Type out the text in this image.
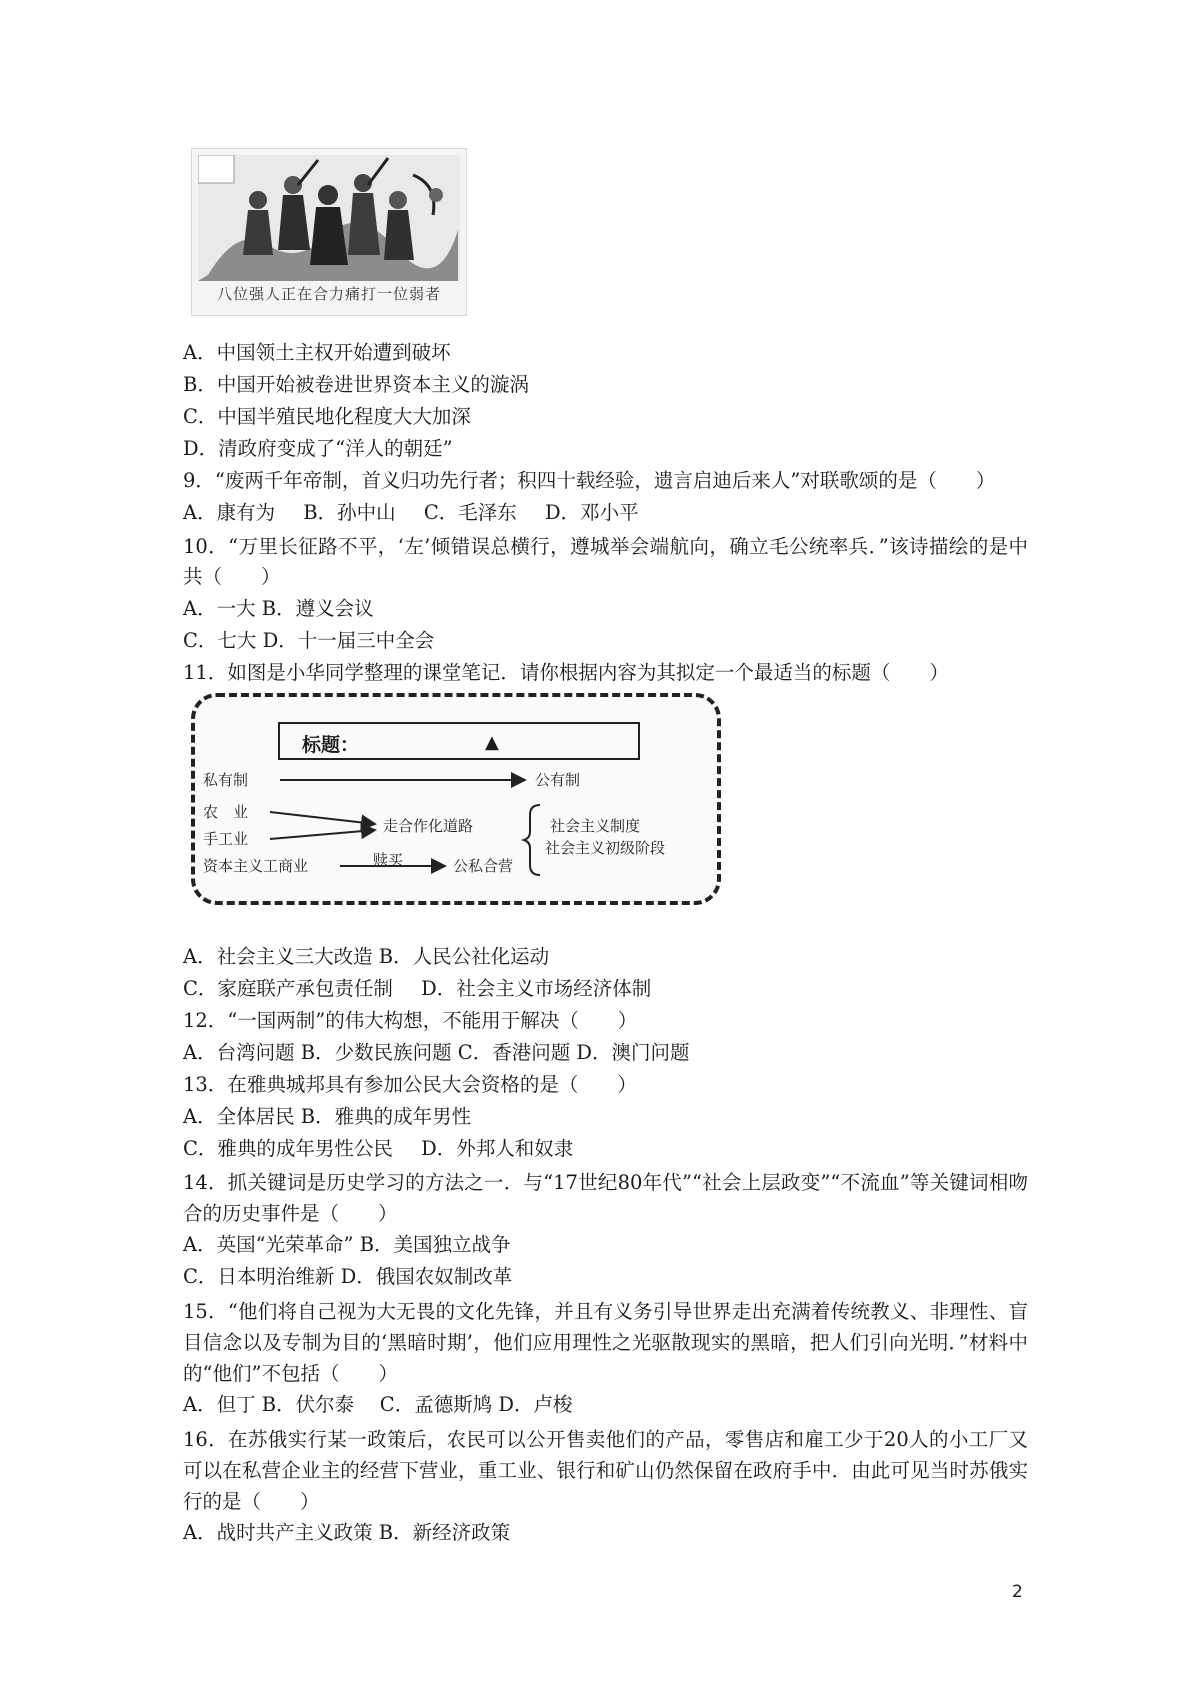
八位强人正在合力痛打一位弱者
A．中国领土主权开始遭到破坏
B．中国开始被卷进世界资本主义的漩涡
C．中国半殖民地化程度大大加深
D．清政府变成了“洋人的朝廷”
9．“废两千年帝制，首义归功先行者；积四十载经验，遗言启迪后来人”对联歌颂的是（　　）
A．康有为 B．孙中山 C．毛泽东 D．邓小平
10．“万里长征路不平，‘左’倾错误总横行，遵城举会端航向，确立毛公统率兵．”该诗描绘的是中共（　　）
A．一大 B．遵义会议
C．七大 D．十一届三中全会
11．如图是小华同学整理的课堂笔记．请你根据内容为其拟定一个最适当的标题（　　）
标题：	▲
私有制
农　业
手工业
资本主义工商业
公有制
走合作化道路
赎买	公私合营
社会主义制度
社会主义初级阶段
A．社会主义三大改造 B．人民公社化运动
C．家庭联产承包责任制 D．社会主义市场经济体制
12．“一国两制”的伟大构想，不能用于解决（　　）
A．台湾问题 B．少数民族问题 C．香港问题 D．澳门问题
13．在雅典城邦具有参加公民大会资格的是（　　）
A．全体居民 B．雅典的成年男性
C．雅典的成年男性公民 D．外邦人和奴隶
14．抓关键词是历史学习的方法之一．与“17世纪80年代”“社会上层政变”“不流血”等关键词相吻合的历史事件是（　　）
A．英国“光荣革命” B．美国独立战争
C．日本明治维新 D．俄国农奴制改革
15．“他们将自己视为大无畏的文化先锋，并且有义务引导世界走出充满着传统教义、非理性、盲目信念以及专制为目的‘黑暗时期’，他们应用理性之光驱散现实的黑暗，把人们引向光明．”材料中的“他们”不包括（　　）
A．但丁 B．伏尔泰　 C．孟德斯鸠 D．卢梭
16．在苏俄实行某一政策后，农民可以公开售卖他们的产品，零售店和雇工少于20人的小工厂又可以在私营企业主的经营下营业，重工业、银行和矿山仍然保留在政府手中．由此可见当时苏俄实行的是（　　）
A．战时共产主义政策 B．新经济政策
2
